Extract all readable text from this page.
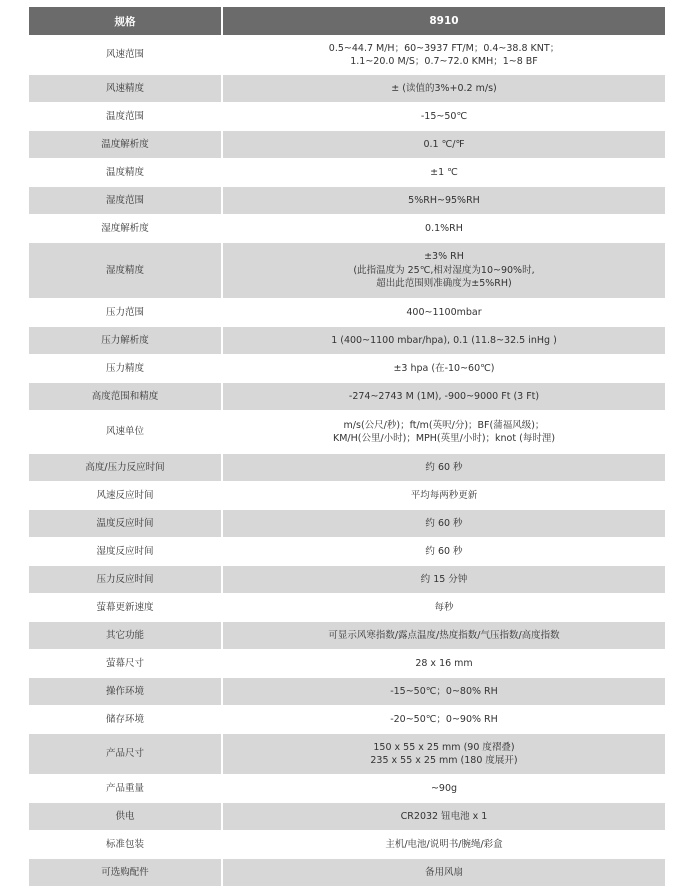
规格	8910
风速范围	0.5~44.7 M/H；60~3937 FT/M；0.4~38.8 KNT；
1.1~20.0 M/S；0.7~72.0 KMH；1~8 BF

风速精度	± (读值的3%+0.2 m/s)

温度范围	-15~50℃

温度解析度	0.1 ℃/℉

温度精度	±1 ℃

湿度范围	5%RH~95%RH

湿度解析度	0.1%RH

湿度精度	±3% RH
(此指温度为 25℃,相对湿度为10~90%时,
超出此范围则准确度为±5%RH)

压力范围	400~1100mbar

压力解析度	1 (400~1100 mbar/hpa), 0.1 (11.8~32.5 inHg )

压力精度	±3 hpa (在-10~60℃)

高度范围和精度	-274~2743 M (1M), -900~9000 Ft (3 Ft)

风速单位	m/s(公尺/秒)；ft/m(英呎/分)；BF(蒲福风级)；
KM/H(公里/小时)；MPH(英里/小时)；knot (每时浬)

高度/压力反应时间	约 60 秒

风速反应时间	平均每两秒更新

温度反应时间	约 60 秒

湿度反应时间	约 60 秒

压力反应时间	约 15 分钟

萤幕更新速度	每秒

其它功能	可显示风寒指数/露点温度/热度指数/气压指数/高度指数

萤幕尺寸	28 x 16 mm

操作环境	-15~50℃；0~80% RH

储存环境	-20~50℃；0~90% RH

产品尺寸	150 x 55 x 25 mm (90 度褶叠)
235 x 55 x 25 mm (180 度展开)

产品重量	~90g

供电	CR2032 钮电池 x 1

标准包装	主机/电池/说明书/腕绳/彩盒

可选购配件	备用风扇
